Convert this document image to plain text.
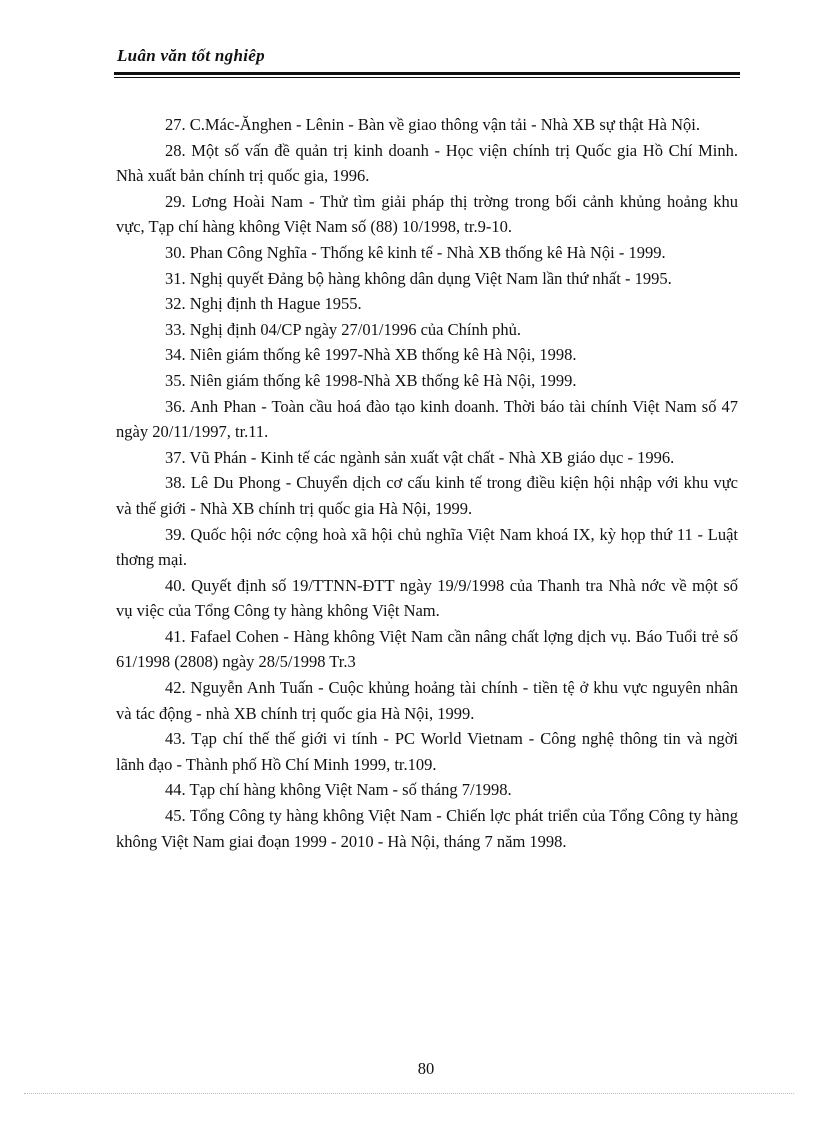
Luân văn tốt nghiêp

27. C.Mác-Ănghen - Lênin - Bàn về giao thông vận tải - Nhà XB sự thật Hà Nội.

28. Một số vấn đề quản trị kinh doanh - Học viện chính trị Quốc gia Hồ Chí Minh. Nhà xuất bản chính trị quốc gia, 1996.

29. Lơng Hoài Nam - Thử tìm giải pháp thị trờng trong bối cảnh khủng hoảng khu vực, Tạp chí hàng không Việt Nam số (88) 10/1998, tr.9-10.

30. Phan Công Nghĩa - Thống kê kinh tế - Nhà XB thống kê Hà Nội - 1999.

31. Nghị quyết Đảng bộ hàng không dân dụng Việt Nam lần thứ nhất - 1995.

32. Nghị định th Hague 1955.

33. Nghị định 04/CP ngày 27/01/1996 của Chính phủ.

34. Niên giám thống kê 1997-Nhà XB thống kê Hà Nội, 1998.

35. Niên giám thống kê 1998-Nhà XB thống kê Hà Nội, 1999.

36. Anh Phan - Toàn cầu hoá đào tạo kinh doanh. Thời báo tài chính Việt Nam số 47 ngày 20/11/1997, tr.11.

37. Vũ Phán - Kinh tế các ngành sản xuất vật chất - Nhà XB giáo dục - 1996.

38. Lê Du Phong - Chuyển dịch cơ cấu kinh tế trong điều kiện hội nhập với khu vực và thế giới - Nhà XB chính trị quốc gia Hà Nội, 1999.

39. Quốc hội nớc cộng hoà xã hội chủ nghĩa Việt Nam khoá IX, kỳ họp thứ 11 - Luật thơng mại.

40. Quyết định số 19/TTNN-ĐTT ngày 19/9/1998 của Thanh tra Nhà nớc về một số vụ việc của Tổng Công ty hàng không Việt Nam.

41. Fafael Cohen - Hàng không Việt Nam cần nâng chất lợng dịch vụ. Báo Tuổi trẻ số 61/1998 (2808) ngày 28/5/1998 Tr.3

42. Nguyễn Anh Tuấn - Cuộc khủng hoảng tài chính - tiền tệ ở khu vực nguyên nhân và tác động - nhà XB chính trị quốc gia Hà Nội, 1999.

43. Tạp chí thế thế giới vi tính - PC World Vietnam - Công nghệ thông tin và ngời lãnh đạo - Thành phố Hồ Chí Minh 1999, tr.109.

44. Tạp chí hàng không Việt Nam - số tháng 7/1998.

45. Tổng Công ty hàng không Việt Nam - Chiến lợc phát triển của Tổng Công ty hàng không Việt Nam giai đoạn 1999 - 2010 - Hà Nội, tháng 7 năm 1998.

80
